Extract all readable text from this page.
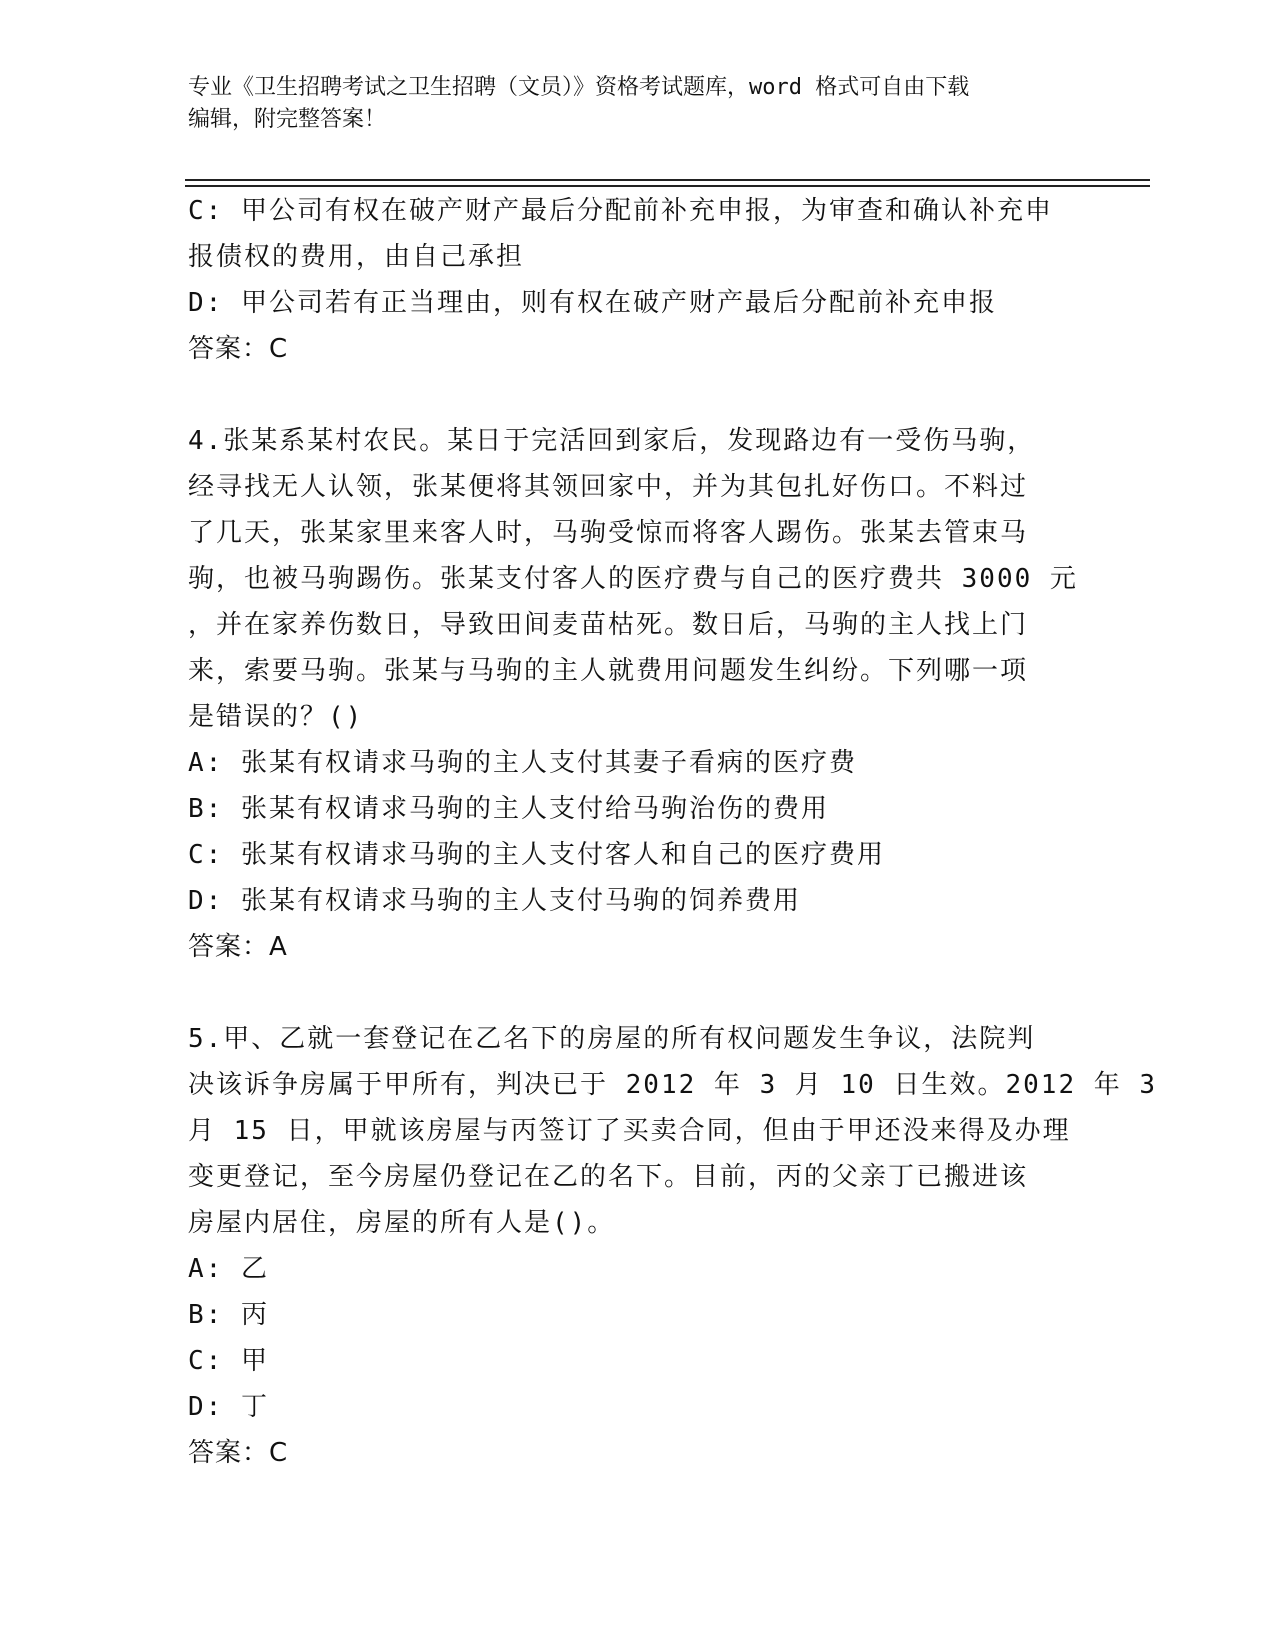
专业《卫生招聘考试之卫生招聘（文员）》资格考试题库，word 格式可自由下载
编辑，附完整答案！
C: 甲公司有权在破产财产最后分配前补充申报，为审查和确认补充申
报债权的费用，由自己承担
D: 甲公司若有正当理由，则有权在破产财产最后分配前补充申报
答案：C
4.张某系某村农民。某日于完活回到家后，发现路边有一受伤马驹，
经寻找无人认领，张某便将其领回家中，并为其包扎好伤口。不料过
了几天，张某家里来客人时，马驹受惊而将客人踢伤。张某去管束马
驹，也被马驹踢伤。张某支付客人的医疗费与自己的医疗费共 3000 元
，并在家养伤数日，导致田间麦苗枯死。数日后，马驹的主人找上门
来，索要马驹。张某与马驹的主人就费用问题发生纠纷。下列哪一项
是错误的？()
A: 张某有权请求马驹的主人支付其妻子看病的医疗费
B: 张某有权请求马驹的主人支付给马驹治伤的费用
C: 张某有权请求马驹的主人支付客人和自己的医疗费用
D: 张某有权请求马驹的主人支付马驹的饲养费用
答案：A
5.甲、乙就一套登记在乙名下的房屋的所有权问题发生争议，法院判
决该诉争房属于甲所有，判决已于 2012 年 3 月 10 日生效。2012 年 3
月 15 日，甲就该房屋与丙签订了买卖合同，但由于甲还没来得及办理
变更登记，至今房屋仍登记在乙的名下。目前，丙的父亲丁已搬进该
房屋内居住，房屋的所有人是()。
A: 乙
B: 丙
C: 甲
D: 丁
答案：C
